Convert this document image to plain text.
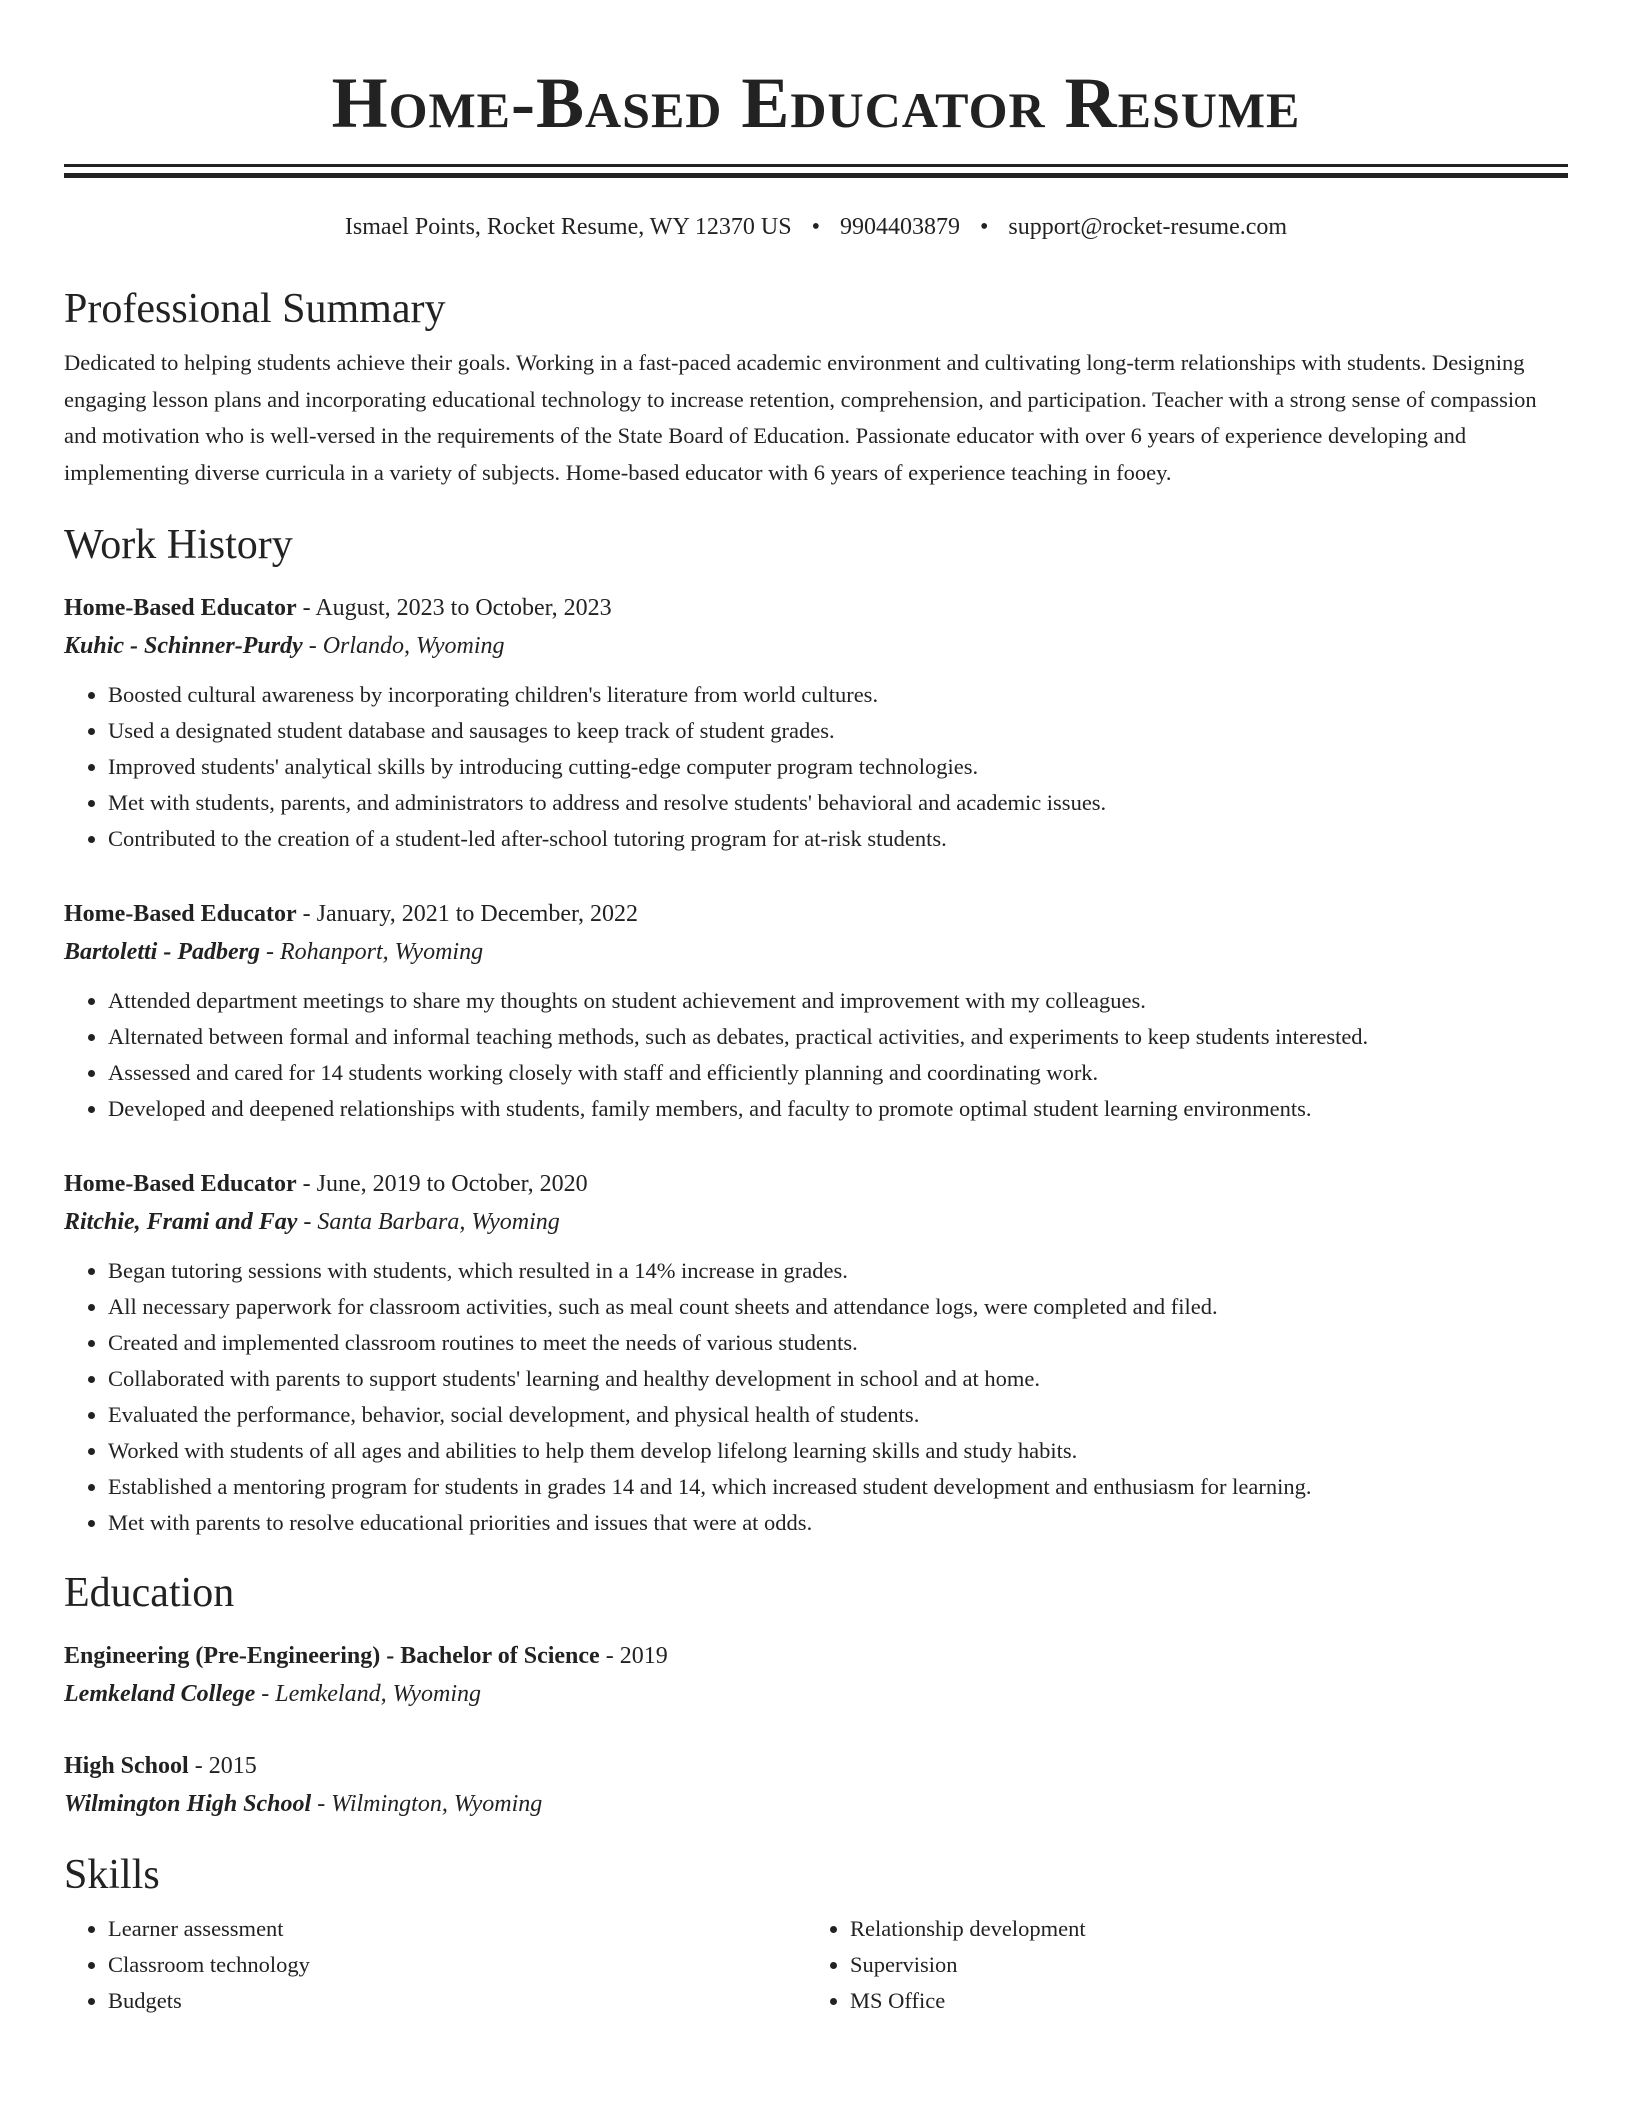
Home-Based Educator Resume
Ismael Points, Rocket Resume, WY 12370 US • 9904403879 • support@rocket-resume.com
Professional Summary

Dedicated to helping students achieve their goals. Working in a fast-paced academic environment and cultivating long-term relationships with students. Designing engaging lesson plans and incorporating educational technology to increase retention, comprehension, and participation. Teacher with a strong sense of compassion and motivation who is well-versed in the requirements of the State Board of Education. Passionate educator with over 6 years of experience developing and implementing diverse curricula in a variety of subjects. Home-based educator with 6 years of experience teaching in fooey.

Work History
Home-Based Educator - August, 2023 to October, 2023
Kuhic - Schinner-Purdy - Orlando, Wyoming
• Boosted cultural awareness by incorporating children's literature from world cultures.
• Used a designated student database and sausages to keep track of student grades.
• Improved students' analytical skills by introducing cutting-edge computer program technologies.
• Met with students, parents, and administrators to address and resolve students' behavioral and academic issues.
• Contributed to the creation of a student-led after-school tutoring program for at-risk students.
Home-Based Educator - January, 2021 to December, 2022
Bartoletti - Padberg - Rohanport, Wyoming
• Attended department meetings to share my thoughts on student achievement and improvement with my colleagues.
• Alternated between formal and informal teaching methods, such as debates, practical activities, and experiments to keep students interested.
• Assessed and cared for 14 students working closely with staff and efficiently planning and coordinating work.
• Developed and deepened relationships with students, family members, and faculty to promote optimal student learning environments.
Home-Based Educator - June, 2019 to October, 2020
Ritchie, Frami and Fay - Santa Barbara, Wyoming
• Began tutoring sessions with students, which resulted in a 14% increase in grades.
• All necessary paperwork for classroom activities, such as meal count sheets and attendance logs, were completed and filed.
• Created and implemented classroom routines to meet the needs of various students.
• Collaborated with parents to support students' learning and healthy development in school and at home.
• Evaluated the performance, behavior, social development, and physical health of students.
• Worked with students of all ages and abilities to help them develop lifelong learning skills and study habits.
• Established a mentoring program for students in grades 14 and 14, which increased student development and enthusiasm for learning.
• Met with parents to resolve educational priorities and issues that were at odds.
Education
Engineering (Pre-Engineering) - Bachelor of Science - 2019
Lemkeland College - Lemkeland, Wyoming
High School - 2015
Wilmington High School - Wilmington, Wyoming
Skills
• Learner assessment
• Classroom technology
• Budgets
• Relationship development
• Supervision
• MS Office
